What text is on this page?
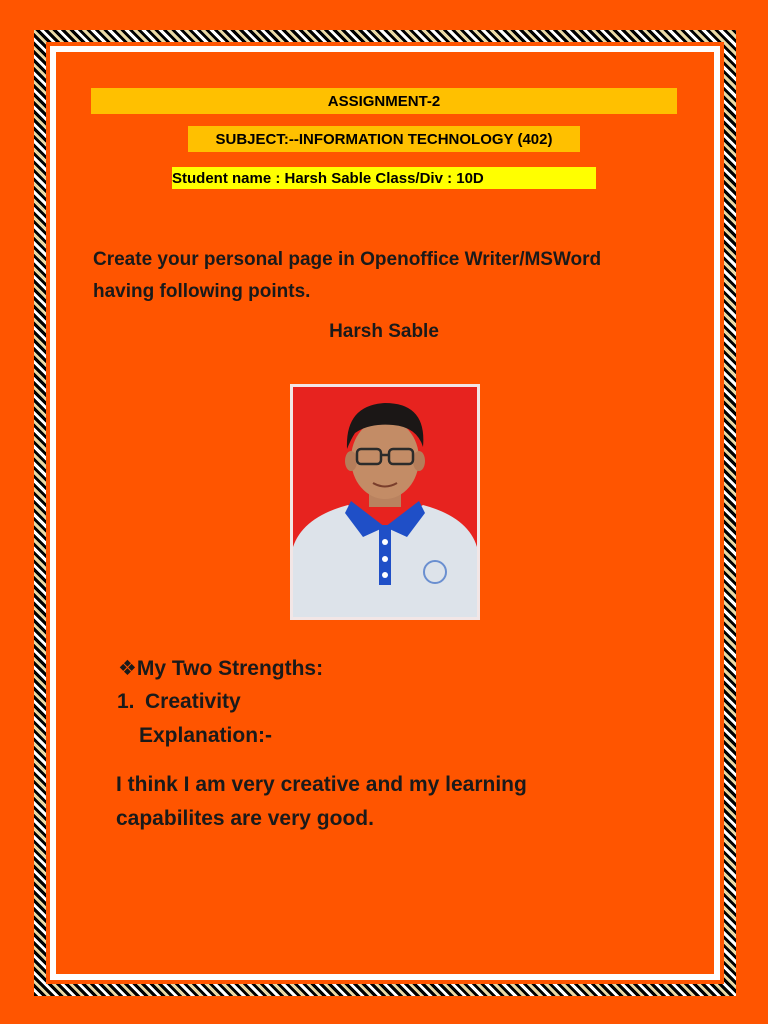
ASSIGNMENT-2
SUBJECT:--INFORMATION TECHNOLOGY (402)
Student name : Harsh Sable Class/Div : 10D
Create your personal page in Openoffice Writer/MSWord
having following points.
Harsh Sable
❖My Two Strengths:
1. Creativity
Explanation:-
I think I am very creative and my learning
capabilites are very good.
